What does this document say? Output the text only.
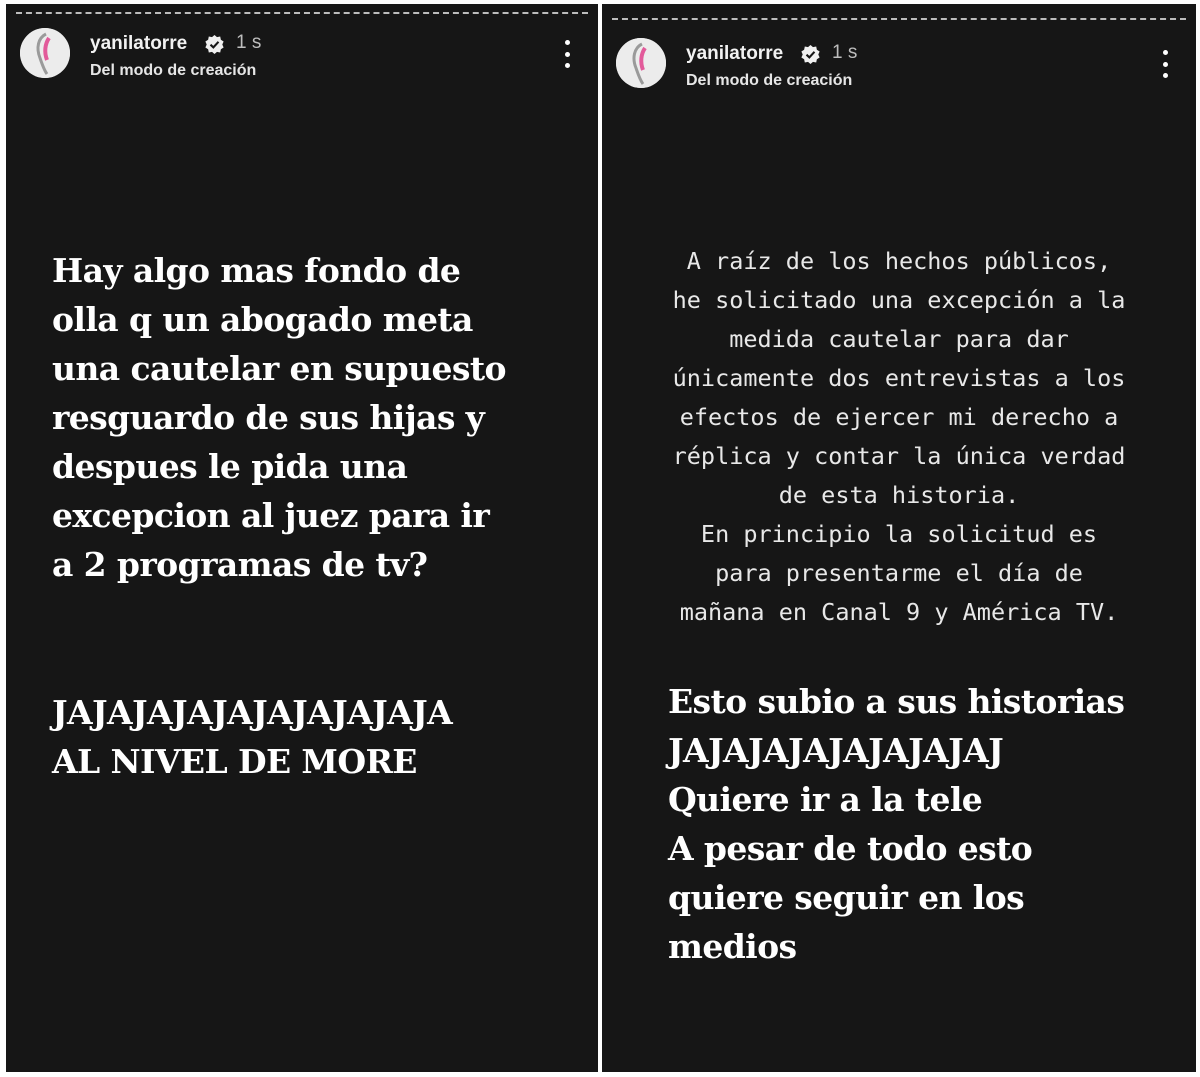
yanilatorre	1 s
Del modo de creación

Hay algo mas fondo de
olla q un abogado meta
una cautelar en supuesto
resguardo de sus hijas y
despues le pida una
excepcion al juez para ir
a 2 programas de tv?

JAJAJAJAJAJAJAJAJAJA
AL NIVEL DE MORE

yanilatorre	1 s
Del modo de creación

A raíz de los hechos públicos,
he solicitado una excepción a la
medida cautelar para dar
únicamente dos entrevistas a los
efectos de ejercer mi derecho a
réplica y contar la única verdad
de esta historia.
En principio la solicitud es
para presentarme el día de
mañana en Canal 9 y América TV.

Esto subio a sus historias
JAJAJAJAJAJAJAJAJ
Quiere ir a la tele
A pesar de todo esto
quiere seguir en los
medios
